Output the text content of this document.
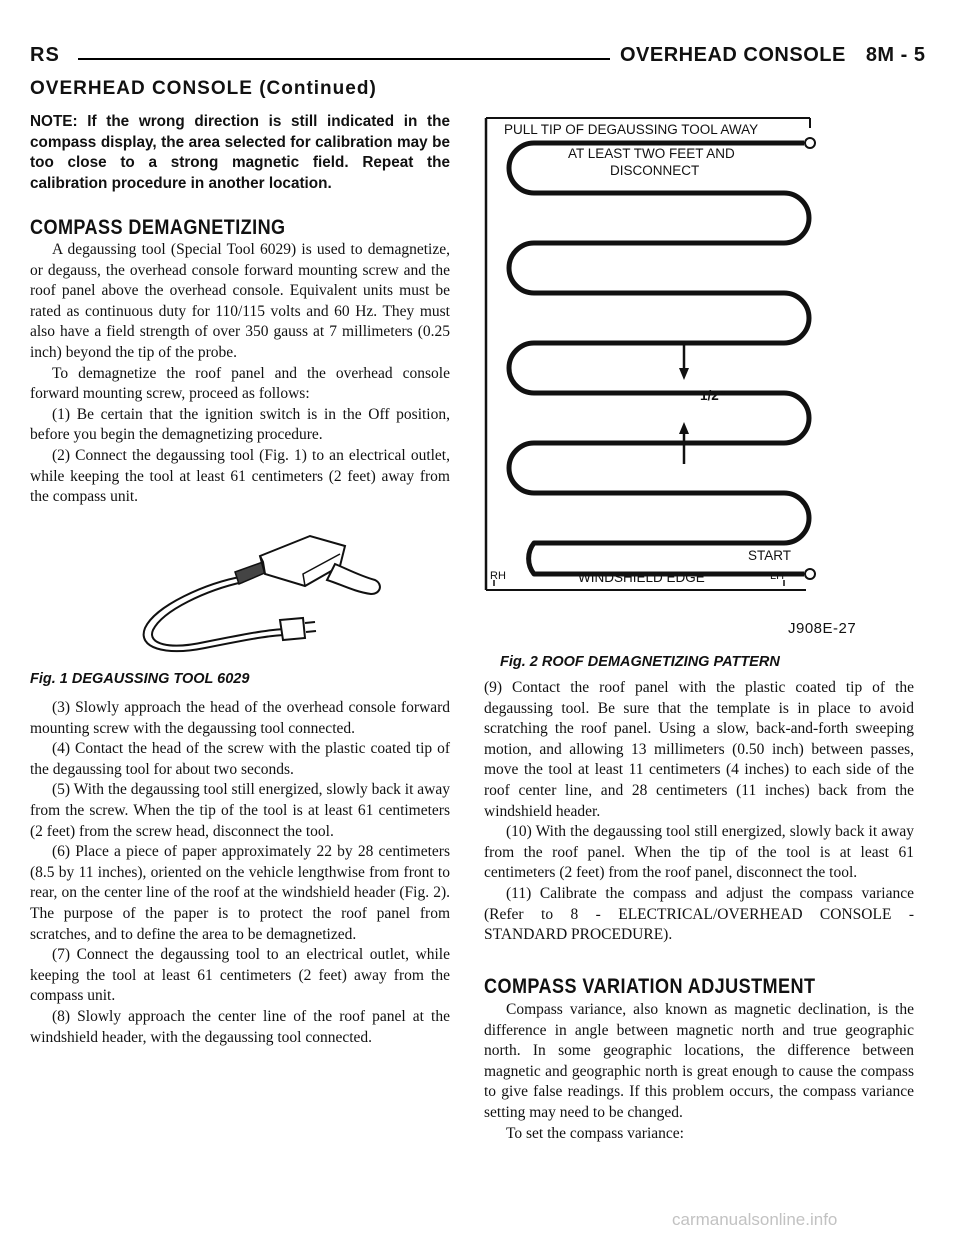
RS	OVERHEAD CONSOLE 8M - 5
OVERHEAD CONSOLE (Continued)
NOTE: If the wrong direction is still indicated in the compass display, the area selected for calibration may be too close to a strong magnetic field. Repeat the calibration procedure in another location.
COMPASS DEMAGNETIZING

A degaussing tool (Special Tool 6029) is used to demagnetize, or degauss, the overhead console forward mounting screw and the roof panel above the overhead console. Equivalent units must be rated as continuous duty for 110/115 volts and 60 Hz. They must also have a field strength of over 350 gauss at 7 millimeters (0.25 inch) beyond the tip of the probe.

To demagnetize the roof panel and the overhead console forward mounting screw, proceed as follows:

(1) Be certain that the ignition switch is in the Off position, before you begin the demagnetizing procedure.

(2) Connect the degaussing tool (Fig. 1) to an electrical outlet, while keeping the tool at least 61 centimeters (2 feet) away from the compass unit.

Fig. 1 DEGAUSSING TOOL 6029

(3) Slowly approach the head of the overhead console forward mounting screw with the degaussing tool connected.

(4) Contact the head of the screw with the plastic coated tip of the degaussing tool for about two seconds.

(5) With the degaussing tool still energized, slowly back it away from the screw. When the tip of the tool is at least 61 centimeters (2 feet) from the screw head, disconnect the tool.

(6) Place a piece of paper approximately 22 by 28 centimeters (8.5 by 11 inches), oriented on the vehicle lengthwise from front to rear, on the center line of the roof at the windshield header (Fig. 2). The purpose of the paper is to protect the roof panel from scratches, and to define the area to be demagnetized.

(7) Connect the degaussing tool to an electrical outlet, while keeping the tool at least 61 centimeters (2 feet) away from the compass unit.

(8) Slowly approach the center line of the roof panel at the windshield header, with the degaussing tool connected.

PULL TIP OF DEGAUSSING TOOL AWAY
AT LEAST TWO FEET AND
DISCONNECT
1/2"
START
WINDSHIELD EDGE
RH	LH
J908E-27
Fig. 2 ROOF DEMAGNETIZING PATTERN

(9) Contact the roof panel with the plastic coated tip of the degaussing tool. Be sure that the template is in place to avoid scratching the roof panel. Using a slow, back-and-forth sweeping motion, and allowing 13 millimeters (0.50 inch) between passes, move the tool at least 11 centimeters (4 inches) to each side of the roof center line, and 28 centimeters (11 inches) back from the windshield header.

(10) With the degaussing tool still energized, slowly back it away from the roof panel. When the tip of the tool is at least 61 centimeters (2 feet) from the roof panel, disconnect the tool.

(11) Calibrate the compass and adjust the compass variance (Refer to 8 - ELECTRICAL/OVERHEAD CONSOLE - STANDARD PROCEDURE).

COMPASS VARIATION ADJUSTMENT

Compass variance, also known as magnetic declination, is the difference in angle between magnetic north and true geographic north. In some geographic locations, the difference between magnetic and geographic north is great enough to cause the compass to give false readings. If this problem occurs, the compass variance setting may need to be changed.

To set the compass variance:

carmanualsonline.info
